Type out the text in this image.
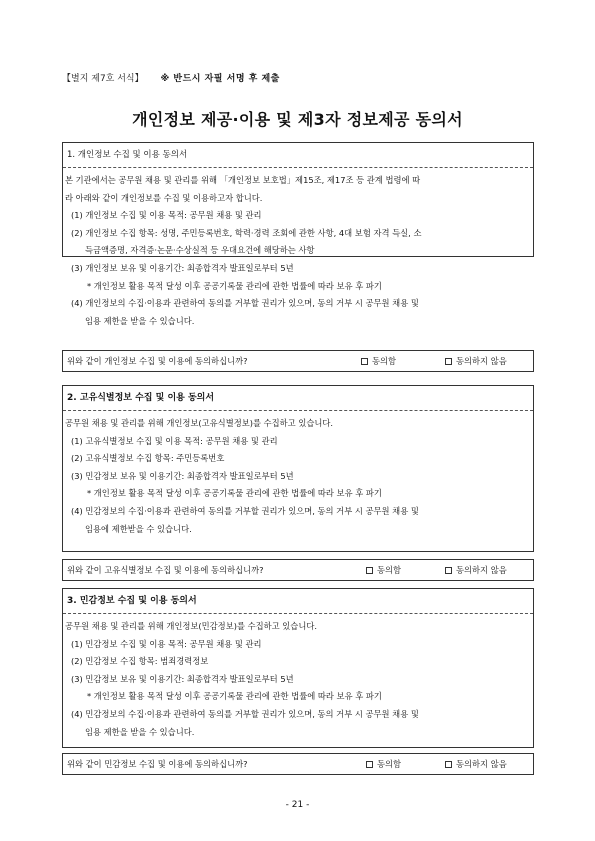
【별지 제7호 서식】 ※ 반드시 자필 서명 후 제출
개인정보 제공·이용 및 제3자 정보제공 동의서
1. 개인정보 수집 및 이용 동의서

본 기관에서는 공무원 채용 및 관리를 위해 「개인정보 보호법」제15조, 제17조 등 관계 법령에 따

라 아래와 같이 개인정보를 수집 및 이용하고자 합니다.

(1) 개인정보 수집 및 이용 목적: 공무원 채용 및 관리

(2) 개인정보 수집 항목: 성명, 주민등록번호, 학력·경력 조회에 관한 사항, 4대 보험 자격 득실, 소

득금액증명, 자격증·논문·수상실적 등 우대요건에 해당하는 사항

(3) 개인정보 보유 및 이용기간: 최종합격자 발표일로부터 5년

* 개인정보 활용 목적 달성 이후 공공기록물 관리에 관한 법률에 따라 보유 후 파기

(4) 개인정보의 수집·이용과 관련하여 동의를 거부할 권리가 있으며, 동의 거부 시 공무원 채용 및

임용 제한을 받을 수 있습니다.

위와 같이 개인정보 수집 및 이용에 동의하십니까?	동의함	동의하지 않음
2. 고유식별정보 수집 및 이용 동의서

공무원 채용 및 관리를 위해 개인정보(고유식별정보)를 수집하고 있습니다.

(1) 고유식별정보 수집 및 이용 목적: 공무원 채용 및 관리

(2) 고유식별정보 수집 항목: 주민등록번호

(3) 민감정보 보유 및 이용기간: 최종합격자 발표일로부터 5년

* 개인정보 활용 목적 달성 이후 공공기록물 관리에 관한 법률에 따라 보유 후 파기

(4) 민감정보의 수집·이용과 관련하여 동의를 거부할 권리가 있으며, 동의 거부 시 공무원 채용 및

임용에 제한받을 수 있습니다.

위와 같이 고유식별정보 수집 및 이용에 동의하십니까?	동의함	동의하지 않음
3. 민감정보 수집 및 이용 동의서

공무원 채용 및 관리를 위해 개인정보(민감정보)를 수집하고 있습니다.

(1) 민감정보 수집 및 이용 목적: 공무원 채용 및 관리

(2) 민감정보 수집 항목: 범죄경력정보

(3) 민감정보 보유 및 이용기간: 최종합격자 발표일로부터 5년

* 개인정보 활용 목적 달성 이후 공공기록물 관리에 관한 법률에 따라 보유 후 파기

(4) 민감정보의 수집·이용과 관련하여 동의를 거부할 권리가 있으며, 동의 거부 시 공무원 채용 및

임용 제한을 받을 수 있습니다.

위와 같이 민감정보 수집 및 이용에 동의하십니까?	동의함	동의하지 않음
- 21 -
